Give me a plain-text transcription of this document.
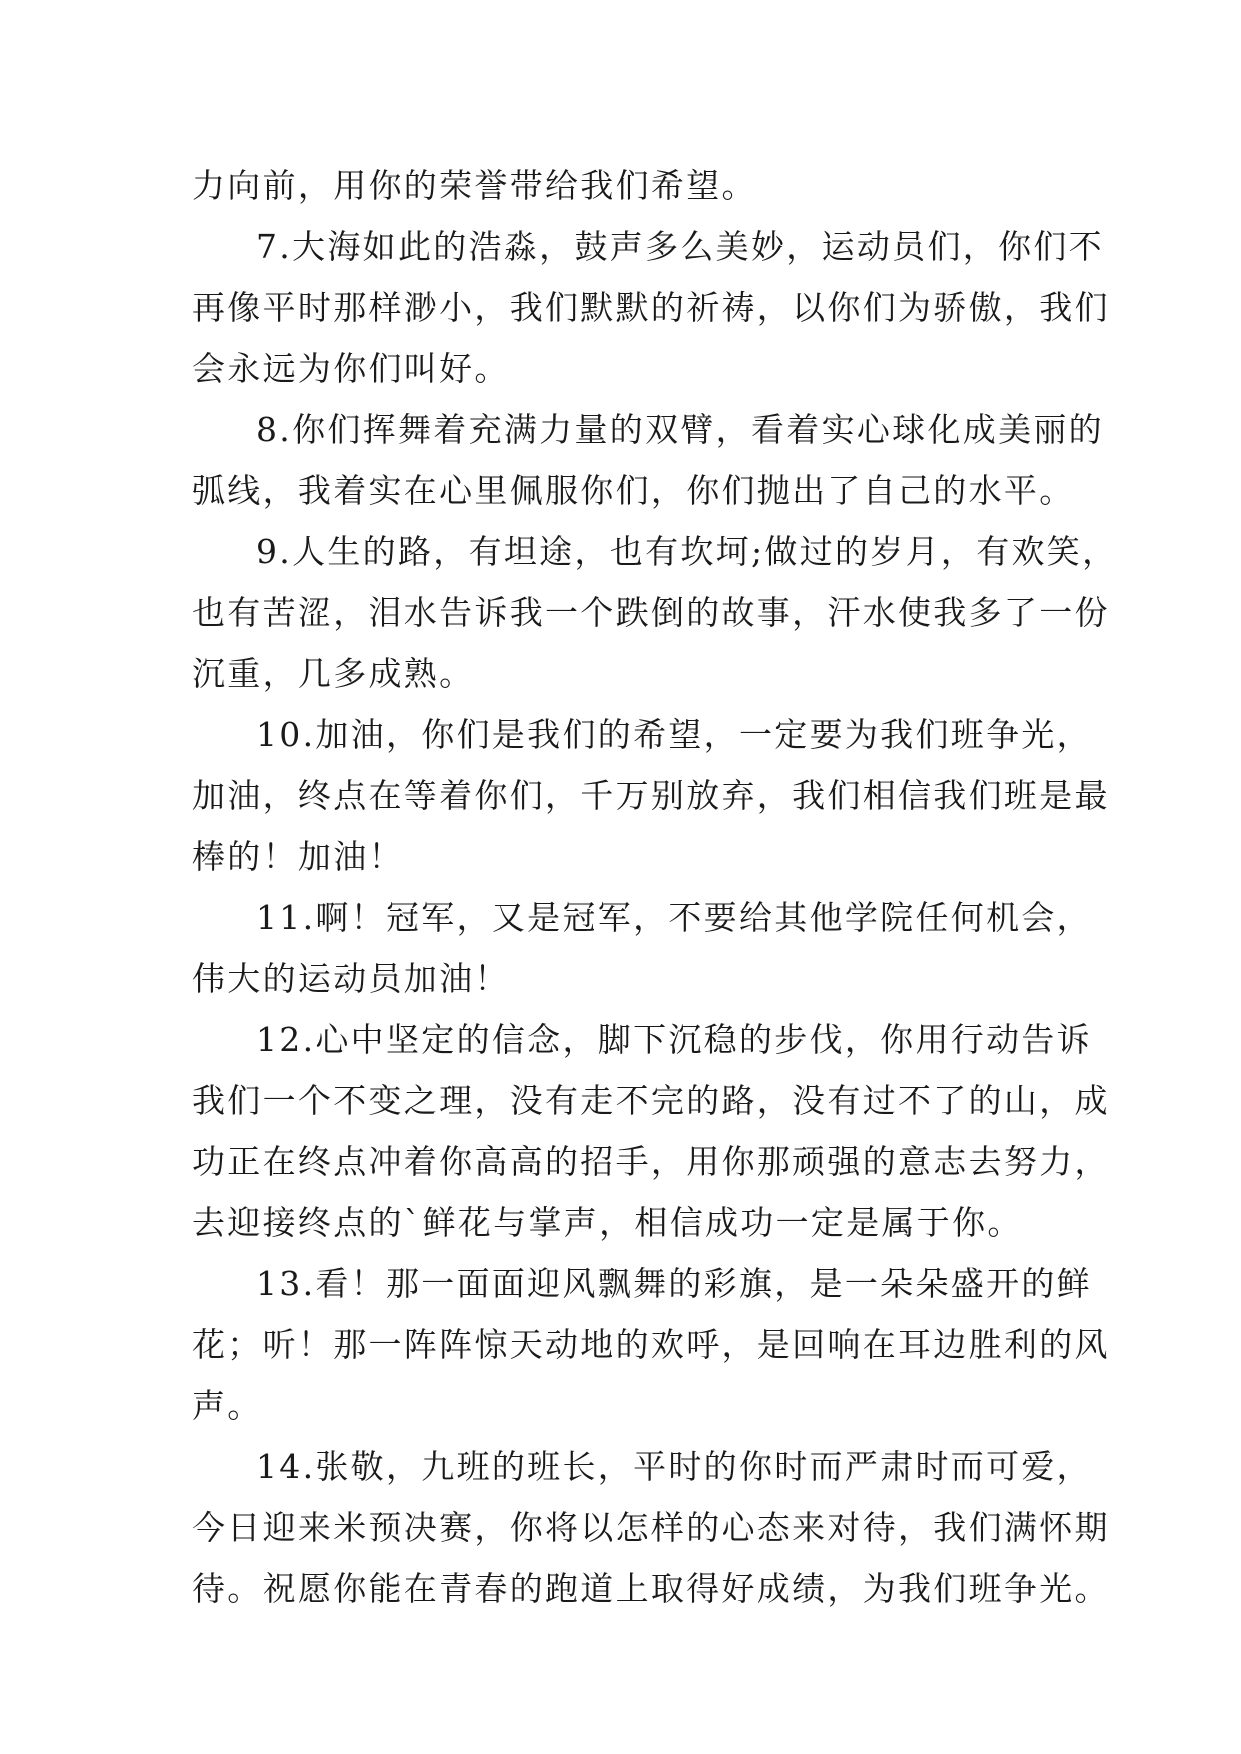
力向前，用你的荣誉带给我们希望。
7.大海如此的浩淼，鼓声多么美妙，运动员们，你们不
再像平时那样渺小，我们默默的祈祷，以你们为骄傲，我们
会永远为你们叫好。
8.你们挥舞着充满力量的双臂，看着实心球化成美丽的
弧线，我着实在心里佩服你们，你们抛出了自己的水平。
9.人生的路，有坦途，也有坎坷;做过的岁月，有欢笑，
也有苦涩，泪水告诉我一个跌倒的故事，汗水使我多了一份
沉重，几多成熟。
10.加油，你们是我们的希望，一定要为我们班争光，
加油，终点在等着你们，千万别放弃，我们相信我们班是最
棒的！加油！
11.啊！冠军，又是冠军，不要给其他学院任何机会，
伟大的运动员加油！
12.心中坚定的信念，脚下沉稳的步伐，你用行动告诉
我们一个不变之理，没有走不完的路，没有过不了的山，成
功正在终点冲着你高高的招手，用你那顽强的意志去努力，
去迎接终点的`鲜花与掌声，相信成功一定是属于你。
13.看！那一面面迎风飘舞的彩旗，是一朵朵盛开的鲜
花；听！那一阵阵惊天动地的欢呼，是回响在耳边胜利的风
声。
14.张敬，九班的班长，平时的你时而严肃时而可爱，
今日迎来米预决赛，你将以怎样的心态来对待，我们满怀期
待。祝愿你能在青春的跑道上取得好成绩，为我们班争光。
